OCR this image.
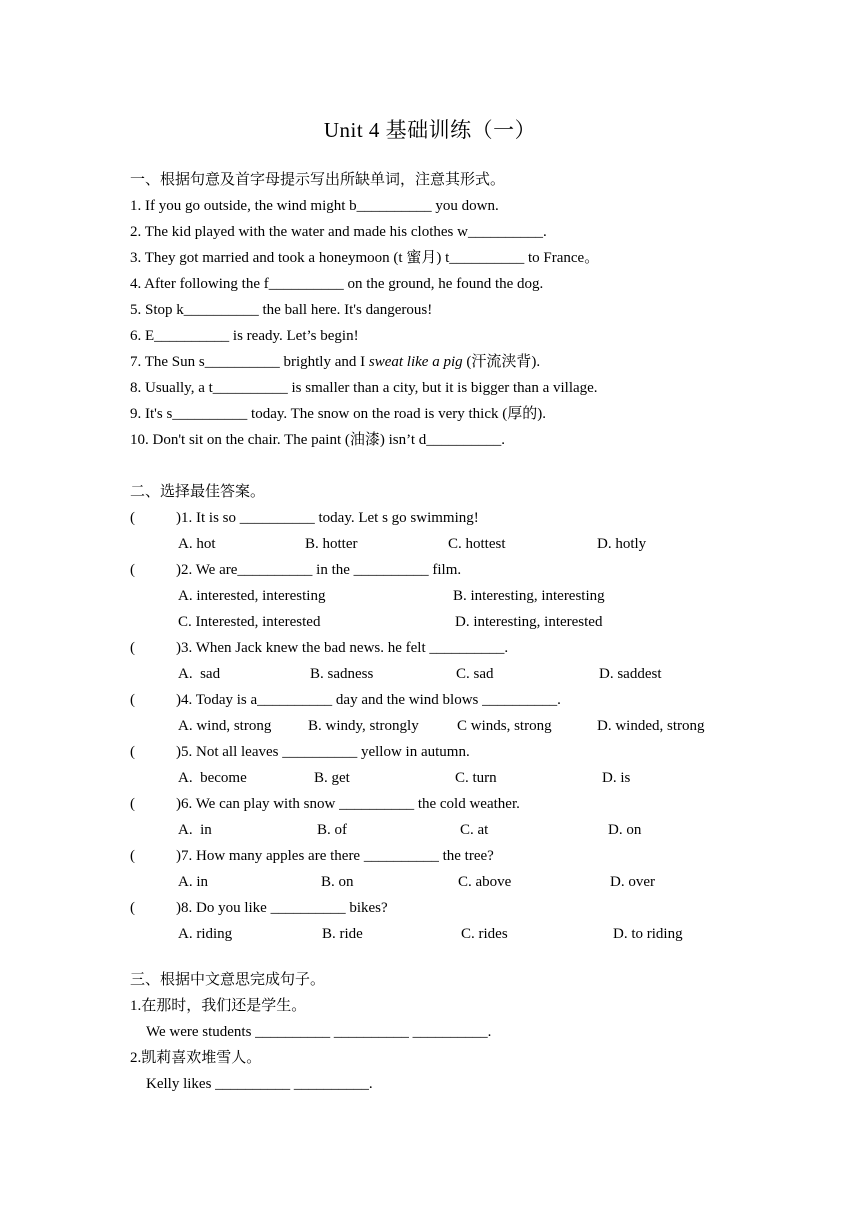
Unit 4 基础训练（一）
一、根据句意及首字母提示写出所缺单词，注意其形式。
1. If you go outside, the wind might b__________ you down.
2. The kid played with the water and made his clothes w__________.
3. They got married and took a honeymoon (t 蜜月) t__________ to France。
4. After following the f__________ on the ground, he found the dog.
5. Stop k__________ the ball here. It's dangerous!
6. E__________ is ready. Let’s begin!
7. The Sun s__________ brightly and I sweat like a pig (汗流浃背).
8. Usually, a t__________ is smaller than a city, but it is bigger than a village.
9. It's s__________ today. The snow on the road is very thick (厚的).
10. Don't sit on the chair. The paint (油漆) isn’t d__________.
二、选择最佳答案。
(	)1. It is so __________ today. Let s go swimming!
A. hot	B. hotter	C. hottest	D. hotly
(	)2. We are__________ in the __________ film.
A. interested, interesting	B. interesting, interesting
C. Interested, interested	D. interesting, interested
(	)3. When Jack knew the bad news. he felt __________.
A.  sad	B. sadness	C. sad	D. saddest
(	)4. Today is a__________ day and the wind blows __________.
A. wind, strong B. windy, strongly	C winds, strong	D. winded, strong
(	)5. Not all leaves __________ yellow in autumn.
A.  become	B. get	C. turn	D. is
(	)6. We can play with snow __________ the cold weather.
A.  in	B. of	C. at	D. on
(	)7. How many apples are there __________ the tree?
A. in	B. on	C. above	D. over
(	)8. Do you like __________ bikes?
A. riding	B. ride	C. rides	D. to riding
三、根据中文意思完成句子。
1.在那时，我们还是学生。
We were students __________ __________ __________.
2.凯莉喜欢堆雪人。
Kelly likes __________ __________.
